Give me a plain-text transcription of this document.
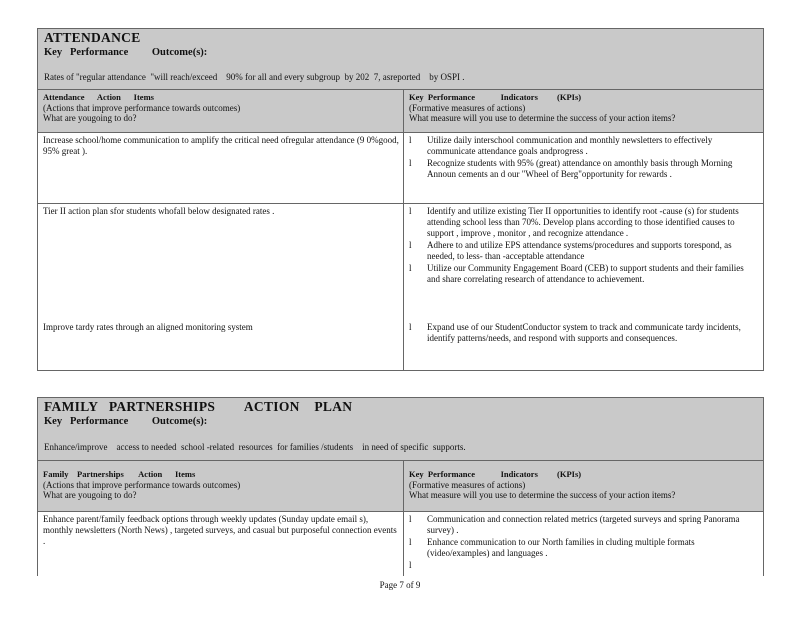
ATTENDANCE

Key   Performance         Outcome(s):

Rates of "regular attendance  "will reach/exceed    90% for all and every subgroup  by 202  7, asreported    by OSPI .

Attendance      Action      Items
(Actions that improve performance towards outcomes)
What are yougoing to do?
Key  Performance            Indicators         (KPIs)
(Formative measures of actions)
What measure will you use to determine the success of your action items?
Increase school/home communication to amplify the critical need ofregular attendance (9 0%good, 95% great ).
l Utilize daily interschool communication and monthly newsletters to effectively communicate attendance goals andprogress .
l Recognize students with 95% (great) attendance on amonthly basis through Morning Announ cements an d our "Wheel of Berg"opportunity for rewards .
Tier II action plan sfor students whofall below designated rates .
Improve tardy rates through an aligned monitoring system
l Identify and utilize existing Tier II opportunities to identify root -cause (s) for students attending school less than 70%. Develop plans according to those identified causes to support , improve , monitor , and recognize attendance .
l Adhere to and utilize EPS attendance systems/procedures and supports torespond, as needed, to less- than -acceptable attendance
l Utilize our Community Engagement Board (CEB) to support students and their families and share correlating research of attendance to achievement.
l Expand use of our StudentConductor system to track and communicate tardy incidents, identify patterns/needs, and respond with supports and consequences.

FAMILY   PARTNERSHIPS        ACTION    PLAN

Key   Performance         Outcome(s):

Enhance/improve    access to needed  school -related  resources  for families /students    in need of specific  supports.

Family    Partnerships       Action      Items
(Actions that improve performance towards outcomes)
What are yougoing to do?
Key  Performance            Indicators         (KPIs)
(Formative measures of actions)
What measure will you use to determine the success of your action items?
Enhance parent/family feedback options through weekly updates (Sunday update email s), monthly newsletters (North News) , targeted surveys, and casual but purposeful connection events .
l Communication and connection related metrics (targeted surveys and spring Panorama survey) .
l Enhance communication to our North families in cluding multiple formats (video/examples) and languages .
l
Page 7 of 9
